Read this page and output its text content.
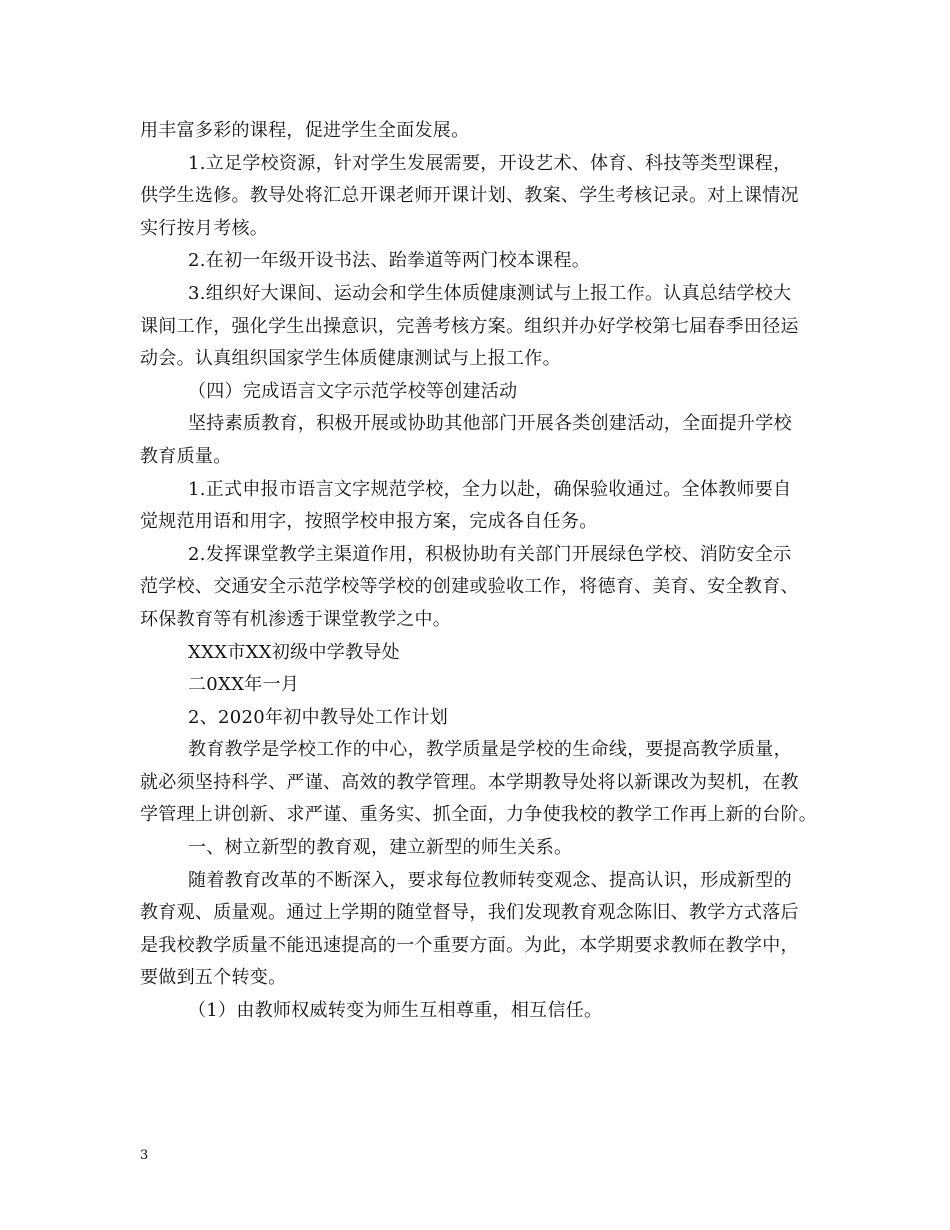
用丰富多彩的课程，促进学生全面发展。

1.立足学校资源，针对学生发展需要，开设艺术、体育、科技等类型课程，

供学生选修。教导处将汇总开课老师开课计划、教案、学生考核记录。对上课情况

实行按月考核。

2.在初一年级开设书法、跆拳道等两门校本课程。

3.组织好大课间、运动会和学生体质健康测试与上报工作。认真总结学校大

课间工作，强化学生出操意识，完善考核方案。组织并办好学校第七届春季田径运

动会。认真组织国家学生体质健康测试与上报工作。

（四）完成语言文字示范学校等创建活动

坚持素质教育，积极开展或协助其他部门开展各类创建活动，全面提升学校

教育质量。

1.正式申报市语言文字规范学校，全力以赴，确保验收通过。全体教师要自

觉规范用语和用字，按照学校申报方案，完成各自任务。

2.发挥课堂教学主渠道作用，积极协助有关部门开展绿色学校、消防安全示

范学校、交通安全示范学校等学校的创建或验收工作，将德育、美育、安全教育、

环保教育等有机渗透于课堂教学之中。

XXX市XX初级中学教导处

二0XX年一月

2、2020年初中教导处工作计划

教育教学是学校工作的中心，教学质量是学校的生命线，要提高教学质量，

就必须坚持科学、严谨、高效的教学管理。本学期教导处将以新课改为契机，在教

学管理上讲创新、求严谨、重务实、抓全面，力争使我校的教学工作再上新的台阶。

一、树立新型的教育观，建立新型的师生关系。

随着教育改革的不断深入，要求每位教师转变观念、提高认识，形成新型的

教育观、质量观。通过上学期的随堂督导，我们发现教育观念陈旧、教学方式落后

是我校教学质量不能迅速提高的一个重要方面。为此，本学期要求教师在教学中，

要做到五个转变。

（1）由教师权威转变为师生互相尊重，相互信任。

3
